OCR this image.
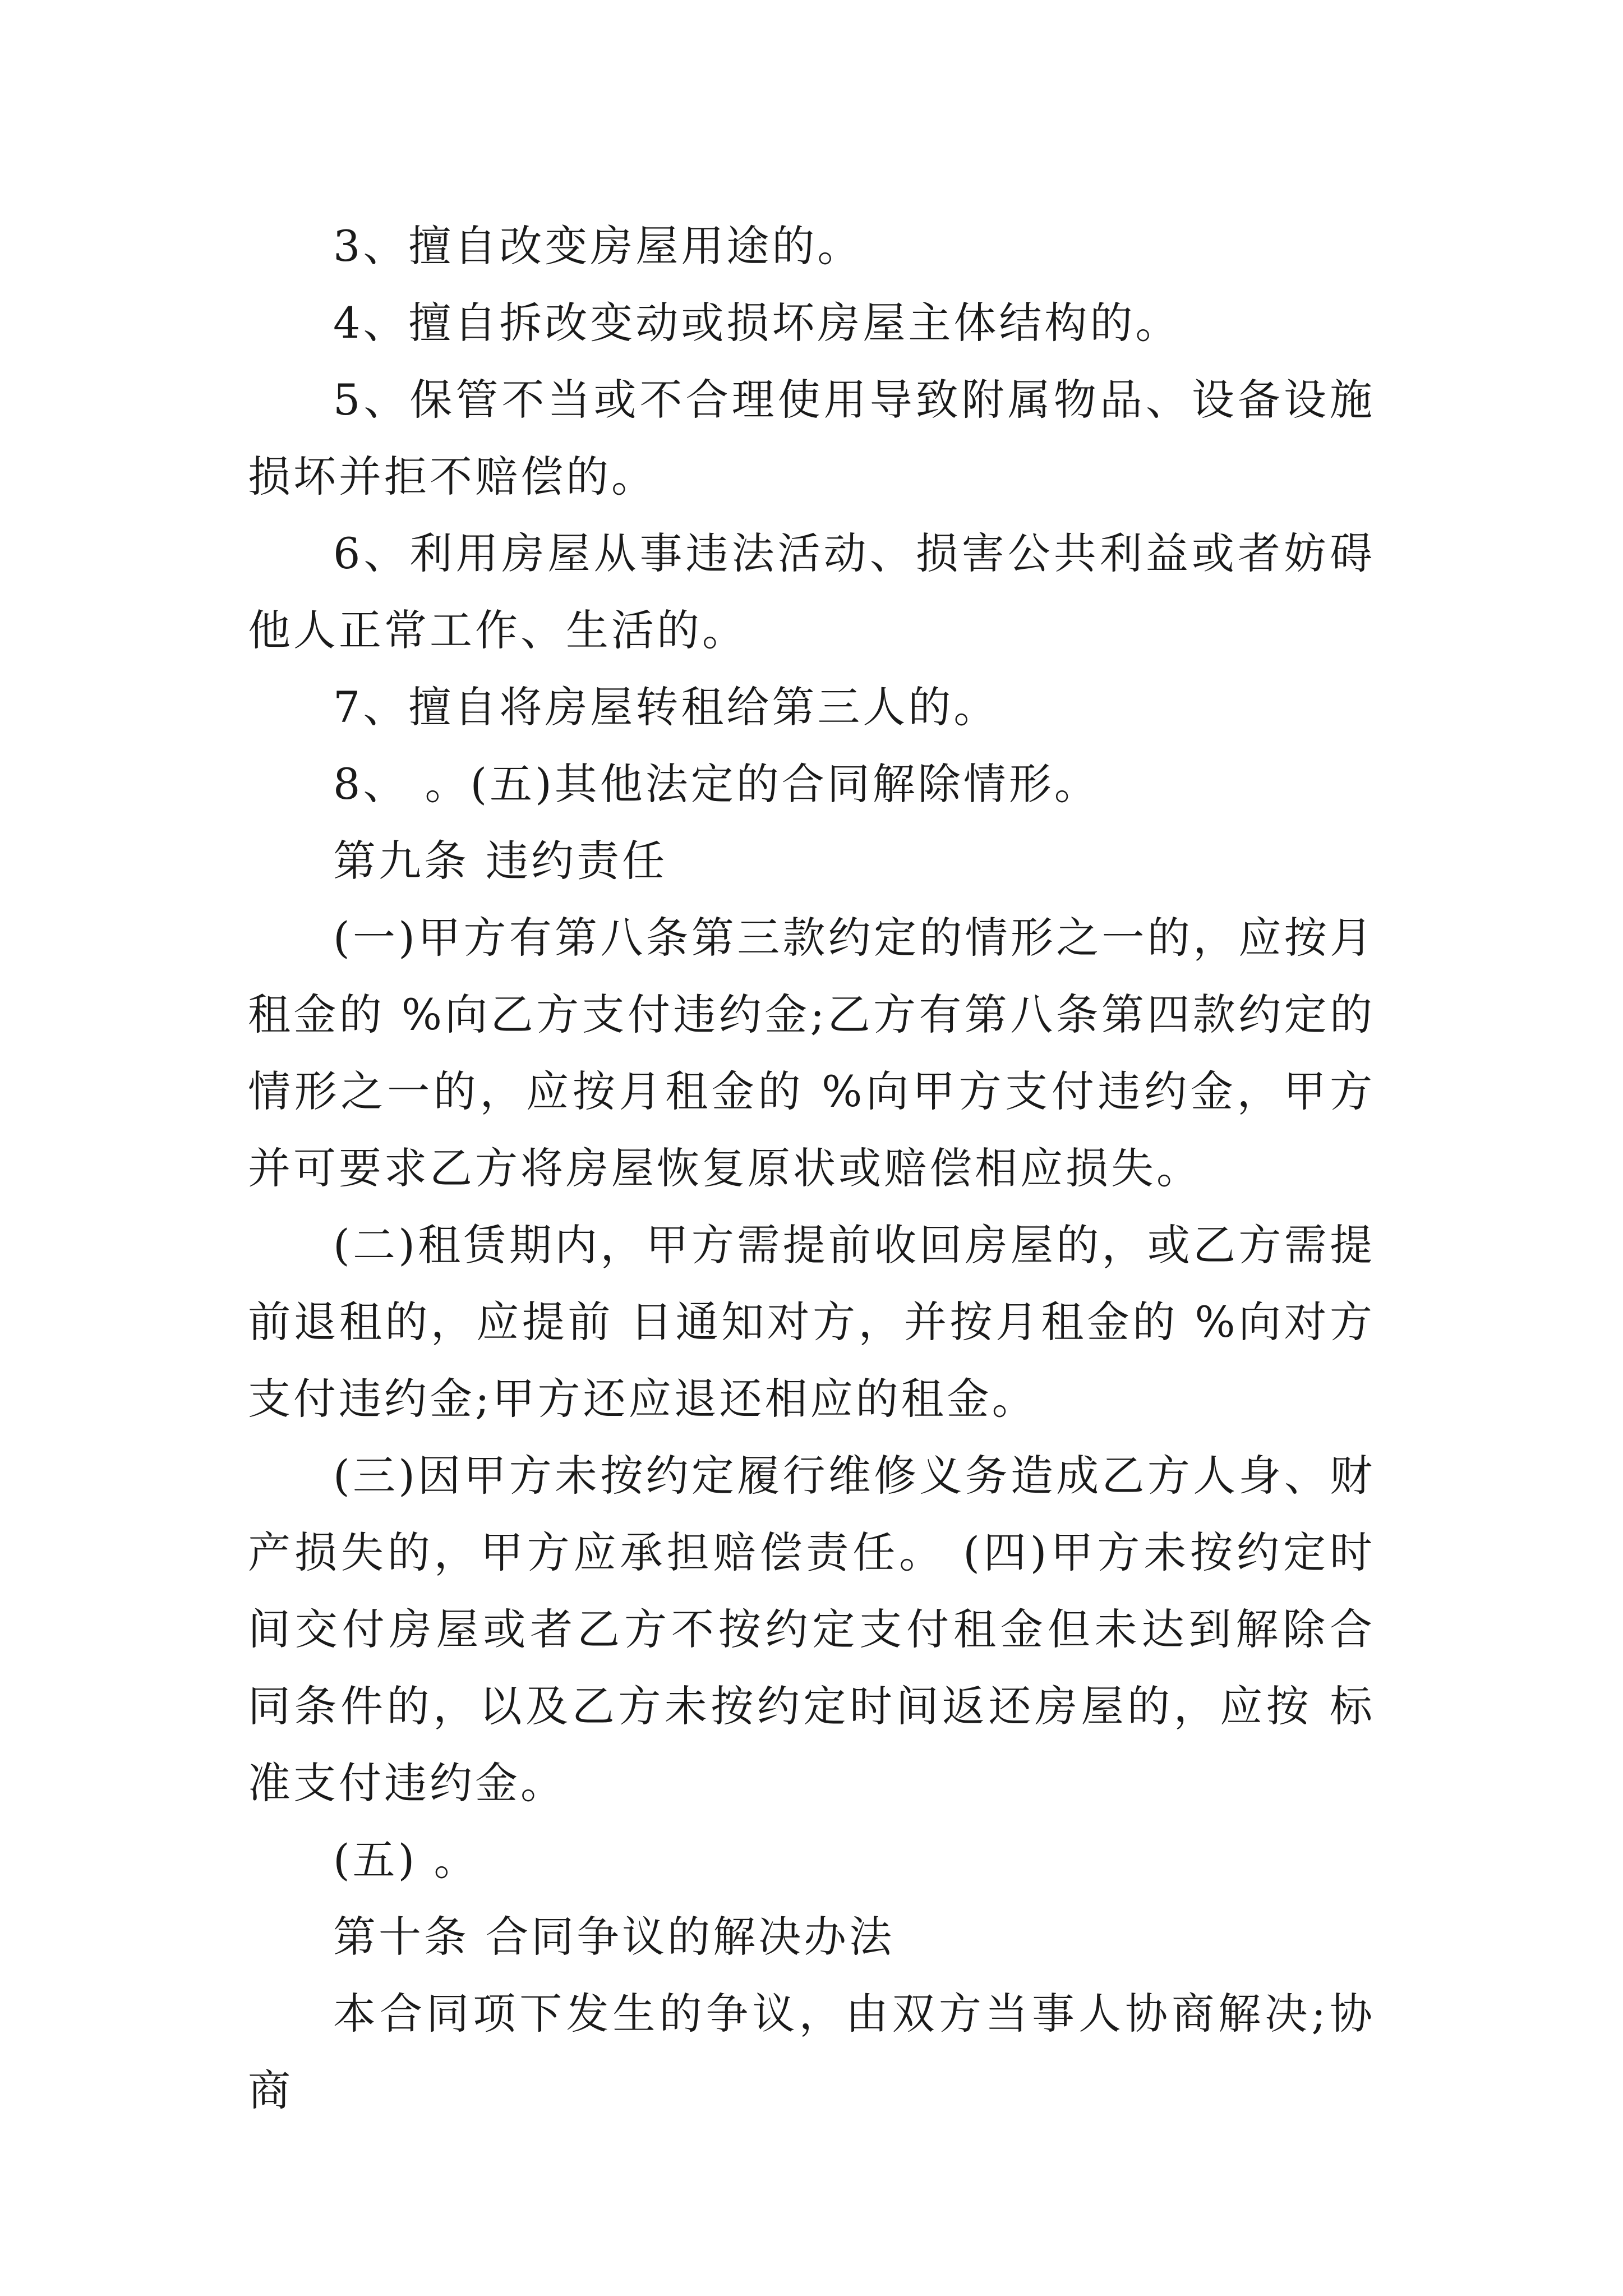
3、擅自改变房屋用途的。

4、擅自拆改变动或损坏房屋主体结构的。

5、保管不当或不合理使用导致附属物品、设备设施损坏并拒不赔偿的。

6、利用房屋从事违法活动、损害公共利益或者妨碍他人正常工作、生活的。

7、擅自将房屋转租给第三人的。

8、 。(五)其他法定的合同解除情形。

第九条 违约责任

(一)甲方有第八条第三款约定的情形之一的，应按月租金的 %向乙方支付违约金;乙方有第八条第四款约定的情形之一的，应按月租金的 %向甲方支付违约金，甲方并可要求乙方将房屋恢复原状或赔偿相应损失。

(二)租赁期内，甲方需提前收回房屋的，或乙方需提前退租的，应提前 日通知对方，并按月租金的 %向对方支付违约金;甲方还应退还相应的租金。

(三)因甲方未按约定履行维修义务造成乙方人身、财产损失的，甲方应承担赔偿责任。 (四)甲方未按约定时间交付房屋或者乙方不按约定支付租金但未达到解除合同条件的，以及乙方未按约定时间返还房屋的，应按 标准支付违约金。

(五) 。

第十条 合同争议的解决办法

本合同项下发生的争议，由双方当事人协商解决;协商
